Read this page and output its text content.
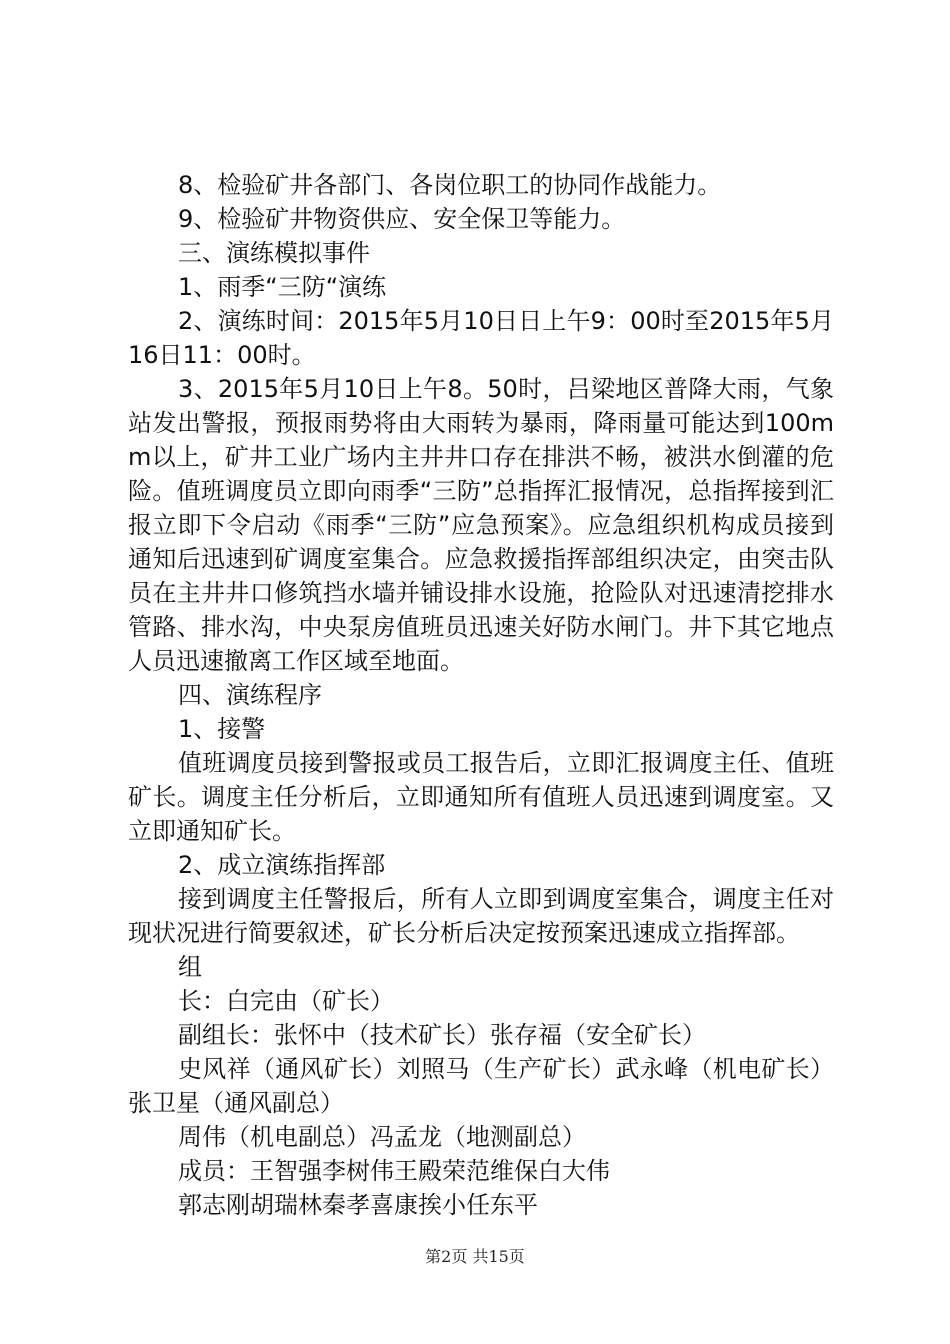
8、检验矿井各部门、各岗位职工的协同作战能力。

9、检验矿井物资供应、安全保卫等能力。

三、演练模拟事件

1、雨季“三防“演练

2、演练时间：2015年5月10日日上午9：00时至2015年5月16日11：00时。

3、2015年5月10日上午8。50时，吕梁地区普降大雨，气象站发出警报，预报雨势将由大雨转为暴雨，降雨量可能达到100mm以上，矿井工业广场内主井井口存在排洪不畅，被洪水倒灌的危险。值班调度员立即向雨季“三防”总指挥汇报情况，总指挥接到汇报立即下令启动《雨季“三防”应急预案》。应急组织机构成员接到通知后迅速到矿调度室集合。应急救援指挥部组织决定，由突击队员在主井井口修筑挡水墙并铺设排水设施，抢险队对迅速清挖排水管路、排水沟，中央泵房值班员迅速关好防水闸门。井下其它地点人员迅速撤离工作区域至地面。

四、演练程序

1、接警

值班调度员接到警报或员工报告后，立即汇报调度主任、值班矿长。调度主任分析后，立即通知所有值班人员迅速到调度室。又立即通知矿长。

2、成立演练指挥部

接到调度主任警报后，所有人立即到调度室集合，调度主任对现状况进行简要叙述，矿长分析后决定按预案迅速成立指挥部。

组

长：白完由（矿长）

副组长：张怀中（技术矿长）张存福（安全矿长）

史风祥（通风矿长）刘照马（生产矿长）武永峰（机电矿长）张卫星（通风副总）

周伟（机电副总）冯孟龙（地测副总）

成员：王智强李树伟王殿荣范维保白大伟

郭志刚胡瑞林秦孝喜康挨小任东平

第2页 共15页
